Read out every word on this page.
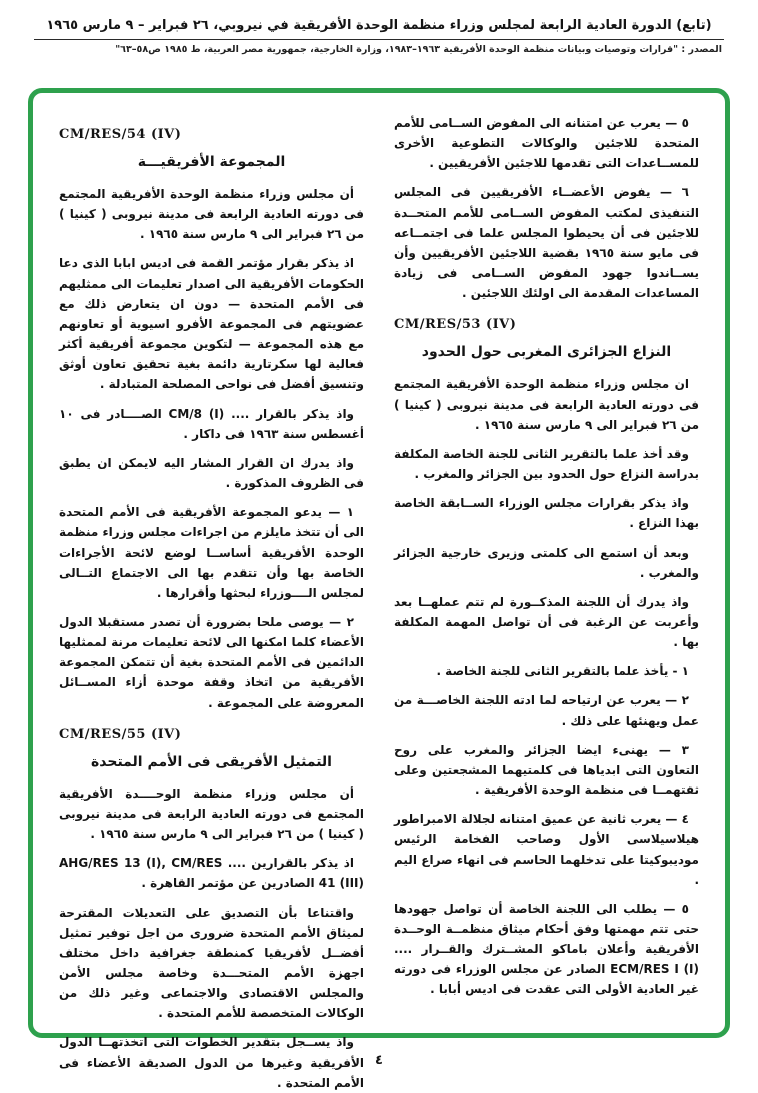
(تابع) الدورة العادية الرابعة لمجلس وزراء منظمة الوحدة الأفريقية في نيروبي، ٢٦ فبراير – ٩ مارس ١٩٦٥
المصدر : "قرارات وتوصيات وبيانات منظمة الوحدة الأفريقية ١٩٦٣–١٩٨٣، وزارة الخارجية، جمهورية مصر العربية، ط ١٩٨٥ ص٥٨–٦٣"
٥ — يعرب عن امتنانه الى المفوض الســامى للأمم المتحدة للاجئين والوكالات التطوعية الأخرى للمســاعدات التى تقدمها للاجئين الأفريقيين .
٦ — يفوض الأعضــاء الأفريقيين فى المجلس التنفيذى لمكتب المفوض الســامى للأمم المتحــدة للاجئين فى أن يحيطوا المجلس علما فى اجتمــاعه فى مايو سنة ١٩٦٥ بقضية اللاجئين الأفريقيين وأن يســاندوا جهود المفوض الســامى فى زيادة المساعدات المقدمة الى اولئك اللاجئين .
CM/RES/53 (IV)
النزاع الجزائرى المغربى حول الحدود
ان مجلس وزراء منظمة الوحدة الأفريقية المجتمع فى دورته العادية الرابعة فى مدينة نيروبى ( كينيا ) من ٢٦ فبراير الى ٩ مارس سنة ١٩٦٥ .
وقد أخذ علما بالتقرير الثانى للجنة الخاصة المكلفة بدراسة النزاع حول الحدود بين الجزائر والمغرب .
واذ يذكر بقرارات مجلس الوزراء الســابقة الخاصة بهذا النزاع .
وبعد أن استمع الى كلمتى وزيرى خارجية الجزائر والمغرب .
واذ يدرك أن اللجنة المذكــورة لم تتم عملهــا بعد وأعربت عن الرغبة فى أن تواصل المهمة المكلفة بها .
١ - يأخذ علما بالتقرير الثانى للجنة الخاصة .
٢ — يعرب عن ارتياحه لما ادته اللجنة الخاصـــة من عمل ويهنئها على ذلك .
٣ — يهنىء ايضا الجزائر والمغرب على روح التعاون التى ابدياها فى كلمتيهما المشجعتين وعلى ثقتهمــا فى منظمة الوحدة الأفريقية .
٤ — يعرب ثانية عن عميق امتنانه لجلالة الامبراطور هيلاسيلاسى الأول وصاحب الفخامة الرئيس موديبوكيتا على تدخلهما الحاسم فى انهاء صراع اليم .
٥ — يطلب الى اللجنة الخاصة أن تواصل جهودها حتى تتم مهمتها وفق أحكام ميثاق منظمــة الوحــدة الأفريقية وأعلان باماكو المشــترك والقــرار .... ECM/RES I (I) الصادر عن مجلس الوزراء فى دورته غير العادية الأولى التى عقدت فى اديس أبابا .
CM/RES/54 (IV)
المجموعة الأفريقيـــة
أن مجلس وزراء منظمة الوحدة الأفريقية المجتمع فى دورته العادية الرابعة فى مدينة نيروبى ( كينيا ) من ٢٦ فبراير الى ٩ مارس سنة ١٩٦٥ .
اذ يذكر بقرار مؤتمر القمة فى اديس ابابا الذى دعا الحكومات الأفريقية الى اصدار تعليمات الى ممثليهم فى الأمم المتحدة — دون ان يتعارض ذلك مع عضويتهم فى المجموعة الأفرو اسيوية أو تعاونهم مع هذه المجموعة — لتكوين مجموعة أفريقية أكثر فعالية لها سكرتارية دائمة بغية تحقيق تعاون أوثق وتنسيق أفضل فى نواحى المصلحة المتبادلة .
واذ يذكر بالقرار .... CM/8 (I) الصــــادر فى ١٠ أغسطس سنة ١٩٦٣ فى داكار .
واذ يدرك ان القرار المشار اليه لايمكن ان يطبق فى الظروف المذكورة .
١ — يدعو المجموعة الأفريقية فى الأمم المتحدة الى أن تتخذ مايلزم من اجراءات مجلس وزراء منظمة الوحدة الأفريقية أساســا لوضع لائحة الأجراءات الخاصة بها وأن تتقدم بها الى الاجتماع التــالى لمجلس الــــوزراء لبحثها وأقرارها .
٢ — يوصى ملحا بضرورة أن تصدر مستقبلا الدول الأعضاء كلما امكنها الى لائحة تعليمات مرنة لممثليها الدائمين فى الأمم المتحدة بغية أن تتمكن المجموعة الأفريقية من اتخاذ وقفة موحدة أزاء المســائل المعروضة على المجموعة .
CM/RES/55 (IV)
التمثيل الأفريقى فى الأمم المتحدة
أن مجلس وزراء منظمة الوحــــدة الأفريقية المجتمع فى دورته العادية الرابعة فى مدينة نيروبى ( كينيا ) من ٢٦ فبراير الى ٩ مارس سنة ١٩٦٥ .
اذ يذكر بالقرارين AHG/RES 13 (I), CM/RES .... 41 (III) الصادرين عن مؤتمر القاهرة .
واقتناعا بأن التصديق على التعديلات المقترحة لميثاق الأمم المتحدة ضرورى من اجل توفير تمثيل أفضــل لأفريقيا كمنطقة جغرافية داخل مختلف اجهزة الأمم المتحـــدة وخاصة مجلس الأمن والمجلس الاقتصادى والاجتماعى وغير ذلك من الوكالات المتخصصة للأمم المتحدة .
واذ يســجل بتقدير الخطوات التى اتخذتهــا الدول الأفريقية وغيرها من الدول الصديقة الأعضاء فى الأمم المتحدة .
٤
